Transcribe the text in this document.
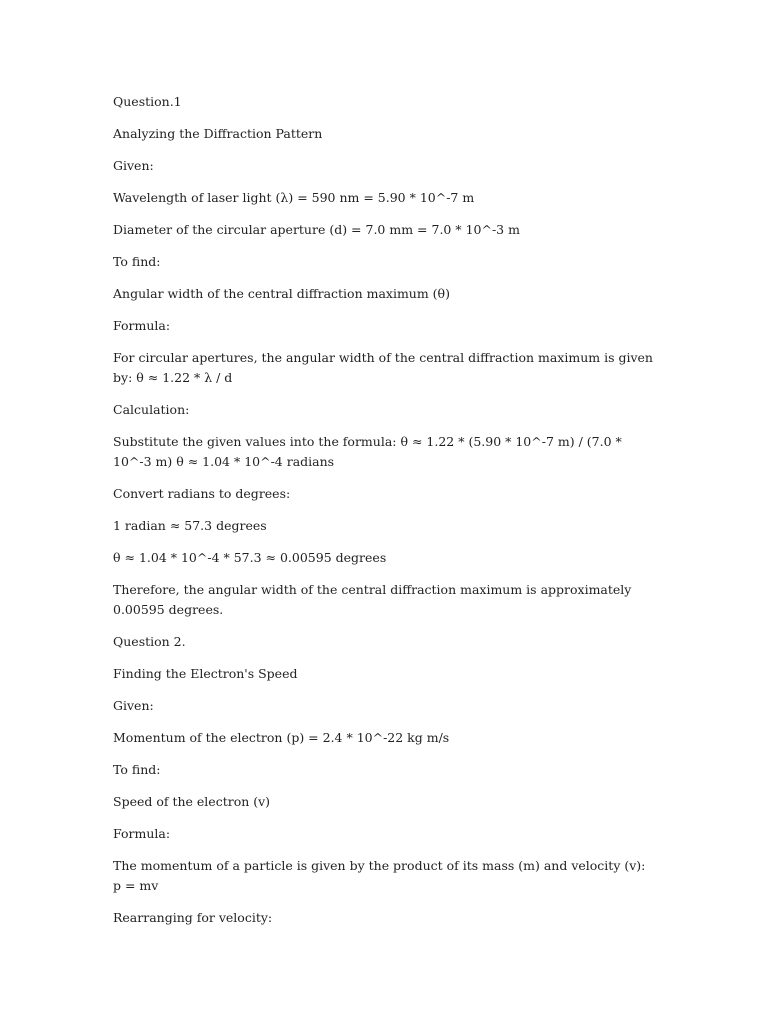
Question.1

Analyzing the Diffraction Pattern

Given:

Wavelength of laser light (λ) = 590 nm = 5.90 * 10^-7 m

Diameter of the circular aperture (d) = 7.0 mm = 7.0 * 10^-3 m

To find:

Angular width of the central diffraction maximum (θ)

Formula:

For circular apertures, the angular width of the central diffraction maximum is given by: θ ≈ 1.22 * λ / d

Calculation:

Substitute the given values into the formula: θ ≈ 1.22 * (5.90 * 10^-7 m) / (7.0 * 10^-3 m) θ ≈ 1.04 * 10^-4 radians

Convert radians to degrees:

1 radian ≈ 57.3 degrees

θ ≈ 1.04 * 10^-4 * 57.3 ≈ 0.00595 degrees

Therefore, the angular width of the central diffraction maximum is approximately 0.00595 degrees.

Question 2.

Finding the Electron's Speed

Given:

Momentum of the electron (p) = 2.4 * 10^-22 kg m/s

To find:

Speed of the electron (v)

Formula:

The momentum of a particle is given by the product of its mass (m) and velocity (v): p = mv

Rearranging for velocity:
